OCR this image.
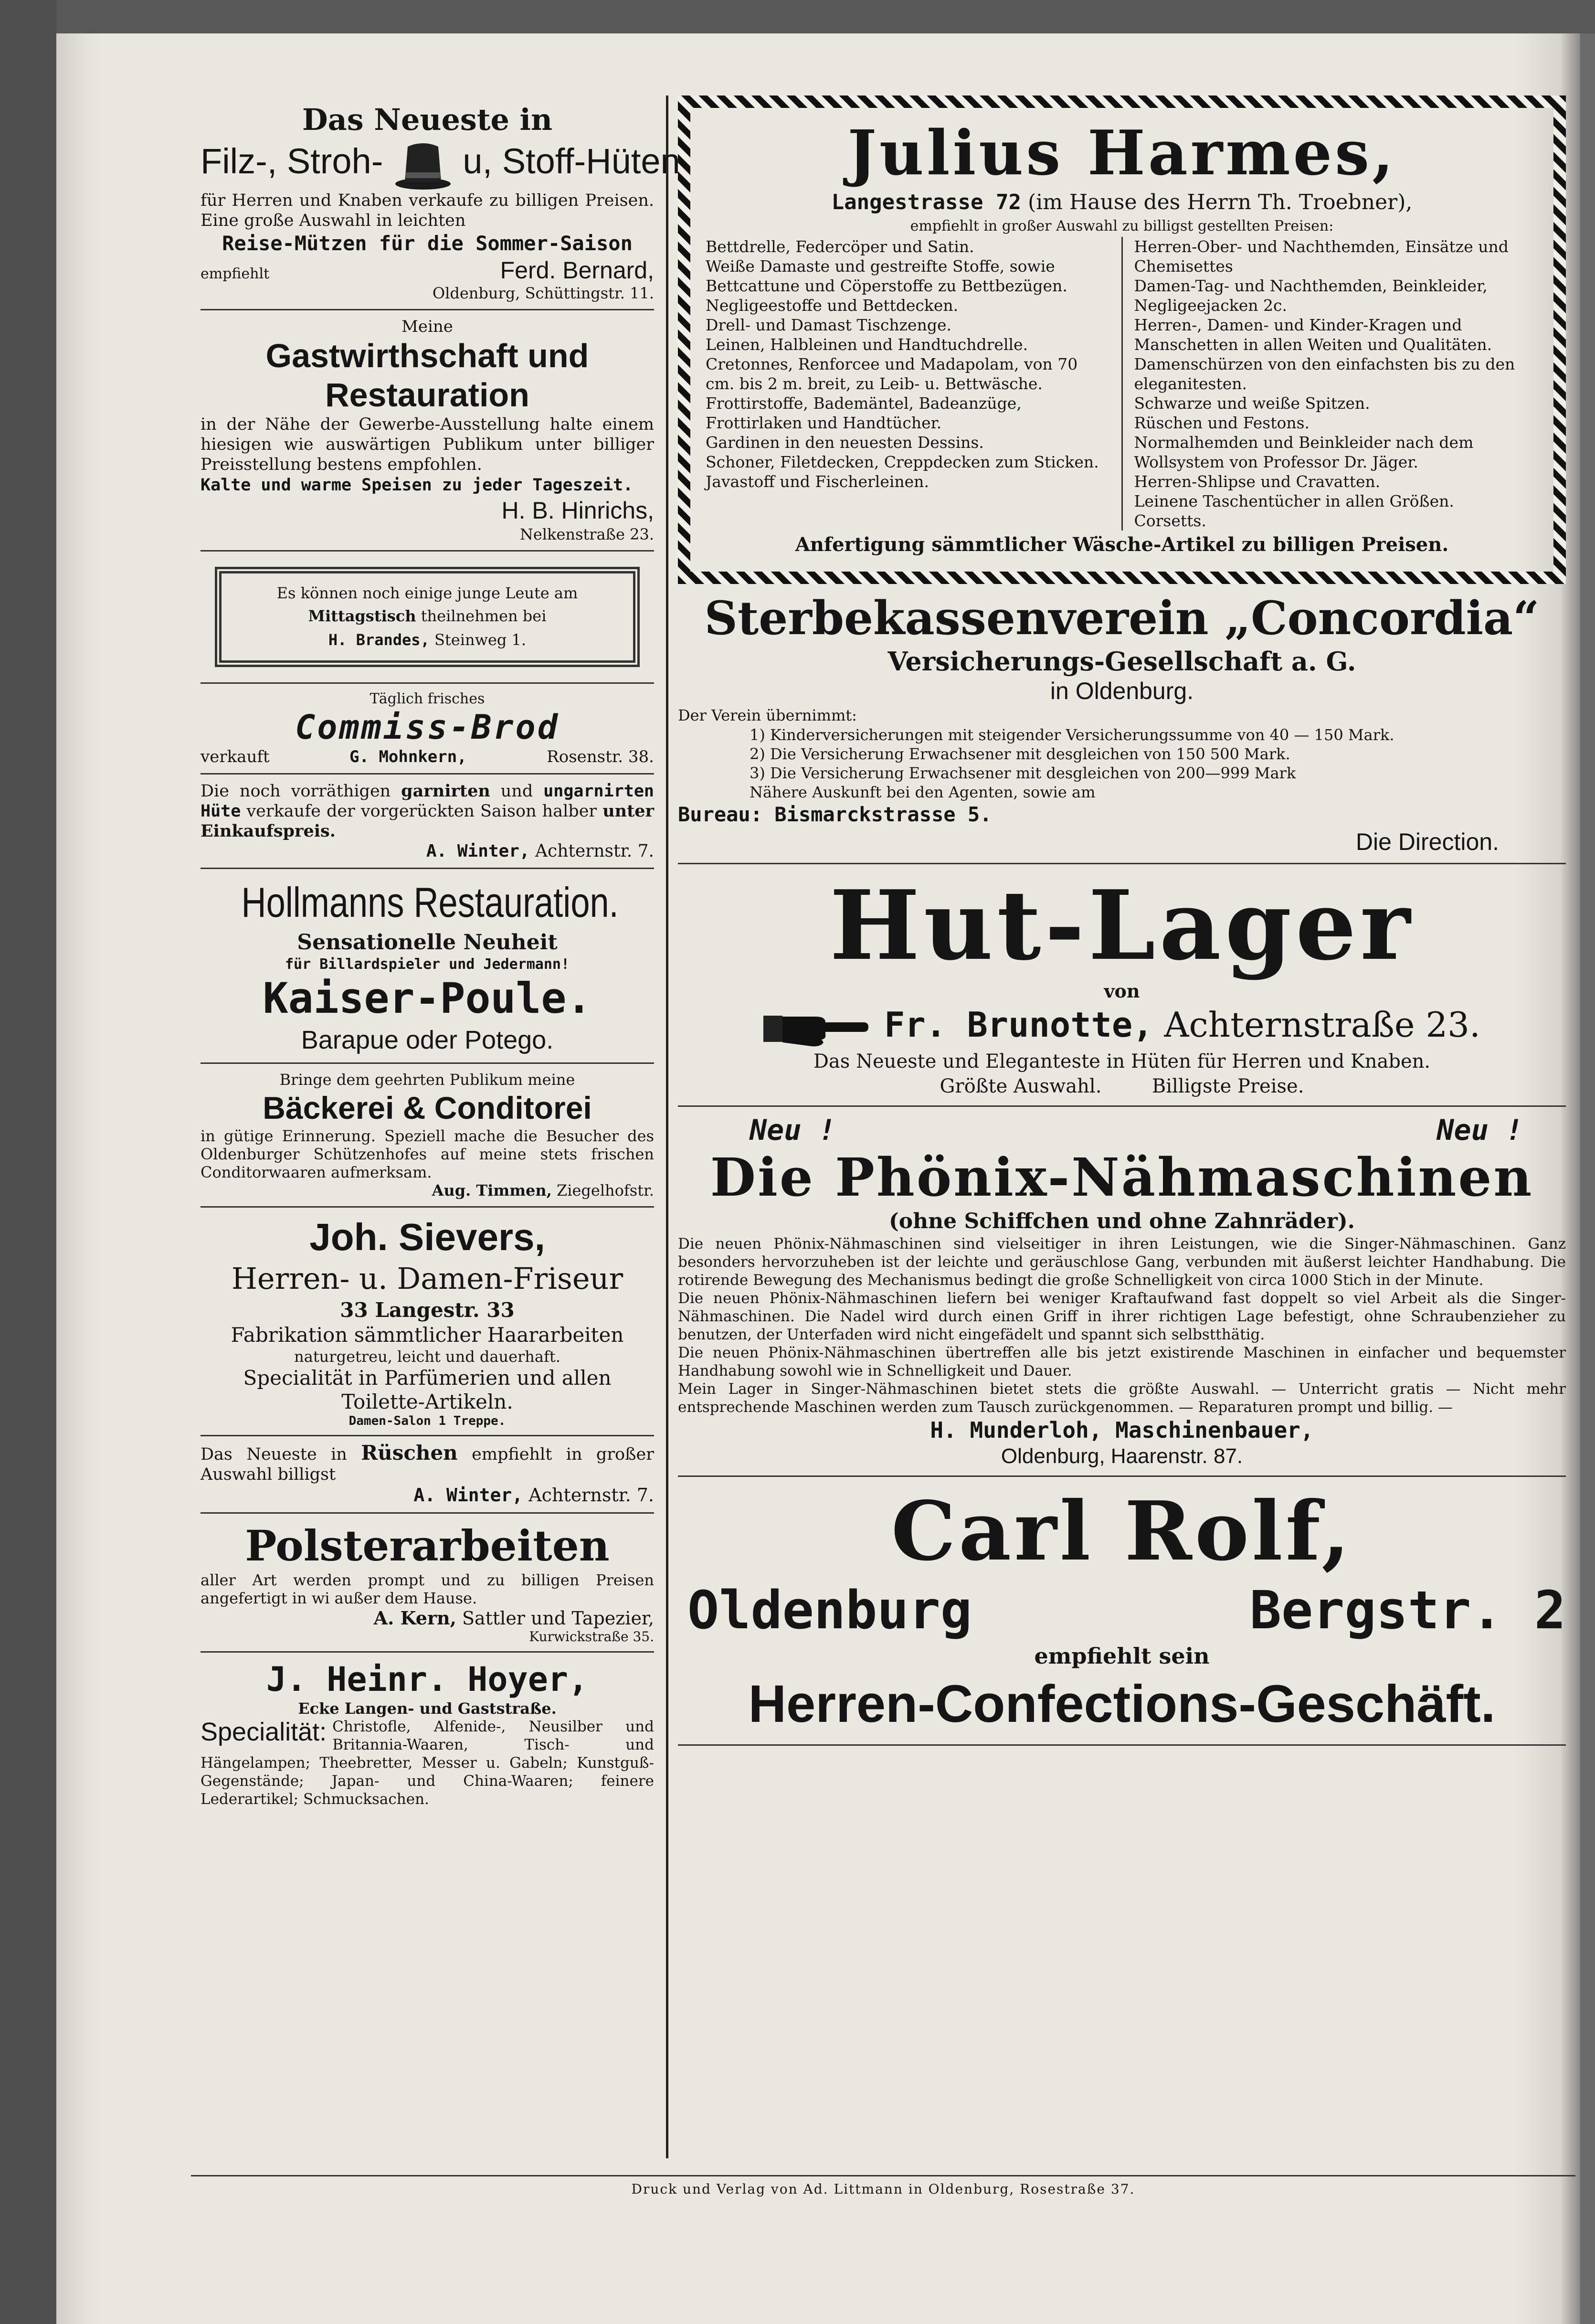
Das Neueste in
Filz-, Stroh- u, Stoff-Hüten
für Herren und Knaben verkaufe zu billigen Preisen. Eine große Auswahl in leichten
Reise-Mützen für die Sommer-Saison
empfiehlt	Ferd. Bernard,
Oldenburg, Schüttingstr. 11.
Meine
Gastwirthschaft und Restauration
in der Nähe der Gewerbe-Ausstellung halte einem hiesigen wie auswärtigen Publikum unter billiger Preisstellung bestens empfohlen.
Kalte und warme Speisen zu jeder Tageszeit.
H. B. Hinrichs,
Nelkenstraße 23.
Es können noch einige junge Leute am
Mittagstisch theilnehmen bei
H. Brandes, Steinweg 1.
Täglich frisches
Commiss-Brod
verkauft	G. Mohnkern,	Rosenstr. 38.
Die noch vorräthigen garnirten und ungarnirten Hüte verkaufe der vorgerückten Saison halber unter Einkaufspreis.
A. Winter, Achternstr. 7.
Hollmanns Restauration.
Sensationelle Neuheit
für Billardspieler und Jedermann!
Kaiser-Poule.
Barapue oder Potego.
Bringe dem geehrten Publikum meine
Bäckerei & Conditorei
in gütige Erinnerung. Speziell mache die Besucher des Oldenburger Schützenhofes auf meine stets frischen Conditorwaaren aufmerksam.
Aug. Timmen, Ziegelhofstr.
Joh. Sievers,
Herren- u. Damen-Friseur
33 Langestr. 33
Fabrikation sämmtlicher Haararbeiten
naturgetreu, leicht und dauerhaft.
Specialität in Parfümerien und allen Toilette-Artikeln.
Damen-Salon 1 Treppe.
Das Neueste in Rüschen empfiehlt in großer Auswahl billigst
A. Winter, Achternstr. 7.
Polsterarbeiten
aller Art werden prompt und zu billigen Preisen angefertigt in wi außer dem Hause.
A. Kern, Sattler und Tapezier,
Kurwickstraße 35.
J. Heinr. Hoyer,
Ecke Langen- und Gaststraße.
Specialität: Christofle, Alfenide-, Neusilber und Britannia-Waaren, Tisch- und Hängelampen; Theebretter, Messer u. Gabeln; Kunstguß-Gegenstände; Japan- und China-Waaren; feinere Lederartikel; Schmucksachen.
Julius Harmes,
Langestrasse 72 (im Hause des Herrn Th. Troebner),
empfiehlt in großer Auswahl zu billigst gestellten Preisen:
Bettdrelle, Federcöper und Satin.
Weiße Damaste und gestreifte Stoffe, sowie Bettcattune und Cöperstoffe zu Bettbezügen.
Negligeestoffe und Bettdecken.
Drell- und Damast Tischzenge.
Leinen, Halbleinen und Handtuchdrelle.
Cretonnes, Renforcee und Madapolam, von 70 cm. bis 2 m. breit, zu Leib- u. Bettwäsche.
Frottirstoffe, Bademäntel, Badeanzüge, Frottirlaken und Handtücher.
Gardinen in den neuesten Dessins.
Schoner, Filetdecken, Creppdecken zum Sticken.
Javastoff und Fischerleinen.
Herren-Ober- und Nachthemden, Einsätze und Chemisettes
Damen-Tag- und Nachthemden, Beinkleider, Negligeejacken 2c.
Herren-, Damen- und Kinder-Kragen und Manschetten in allen Weiten und Qualitäten.
Damenschürzen von den einfachsten bis zu den eleganitesten.
Schwarze und weiße Spitzen.
Rüschen und Festons.
Normalhemden und Beinkleider nach dem Wollsystem von Professor Dr. Jäger.
Herren-Shlipse und Cravatten.
Leinene Taschentücher in allen Größen.
Corsetts.
Anfertigung sämmtlicher Wäsche-Artikel zu billigen Preisen.
Sterbekassenverein „Concordia“
Versicherungs-Gesellschaft a. G.
in Oldenburg.
Der Verein übernimmt:
1) Kinderversicherungen mit steigender Versicherungssumme von 40 — 150 Mark.
2) Die Versicherung Erwachsener mit desgleichen von 150 500 Mark.
3) Die Versicherung Erwachsener mit desgleichen von 200—999 Mark
Nähere Auskunft bei den Agenten, sowie am
Bureau: Bismarckstrasse 5.
Die Direction.
Hut-Lager
von
Fr. Brunotte, Achternstraße 23.
Das Neueste und Eleganteste in Hüten für Herren und Knaben.
Größte Auswahl.	Billigste Preise.
Neu !	Neu !
Die Phönix-Nähmaschinen
(ohne Schiffchen und ohne Zahnräder).
Die neuen Phönix-Nähmaschinen sind vielseitiger in ihren Leistungen, wie die Singer-Nähmaschinen. Ganz besonders hervorzuheben ist der leichte und geräuschlose Gang, verbunden mit äußerst leichter Handhabung. Die rotirende Bewegung des Mechanismus bedingt die große Schnelligkeit von circa 1000 Stich in der Minute.
Die neuen Phönix-Nähmaschinen liefern bei weniger Kraftaufwand fast doppelt so viel Arbeit als die Singer-Nähmaschinen. Die Nadel wird durch einen Griff in ihrer richtigen Lage befestigt, ohne Schraubenzieher zu benutzen, der Unterfaden wird nicht eingefädelt und spannt sich selbstthätig.
Die neuen Phönix-Nähmaschinen übertreffen alle bis jetzt existirende Maschinen in einfacher und bequemster Handhabung sowohl wie in Schnelligkeit und Dauer.
Mein Lager in Singer-Nähmaschinen bietet stets die größte Auswahl. — Unterricht gratis — Nicht mehr entsprechende Maschinen werden zum Tausch zurückgenommen. — Reparaturen prompt und billig. —
H. Munderloh, Maschinenbauer,
Oldenburg, Haarenstr. 87.
Carl Rolf,
Oldenburg	Bergstr. 2
empfiehlt sein
Herren-Confections-Geschäft.
Druck und Verlag von Ad. Littmann in Oldenburg, Rosestraße 37.
